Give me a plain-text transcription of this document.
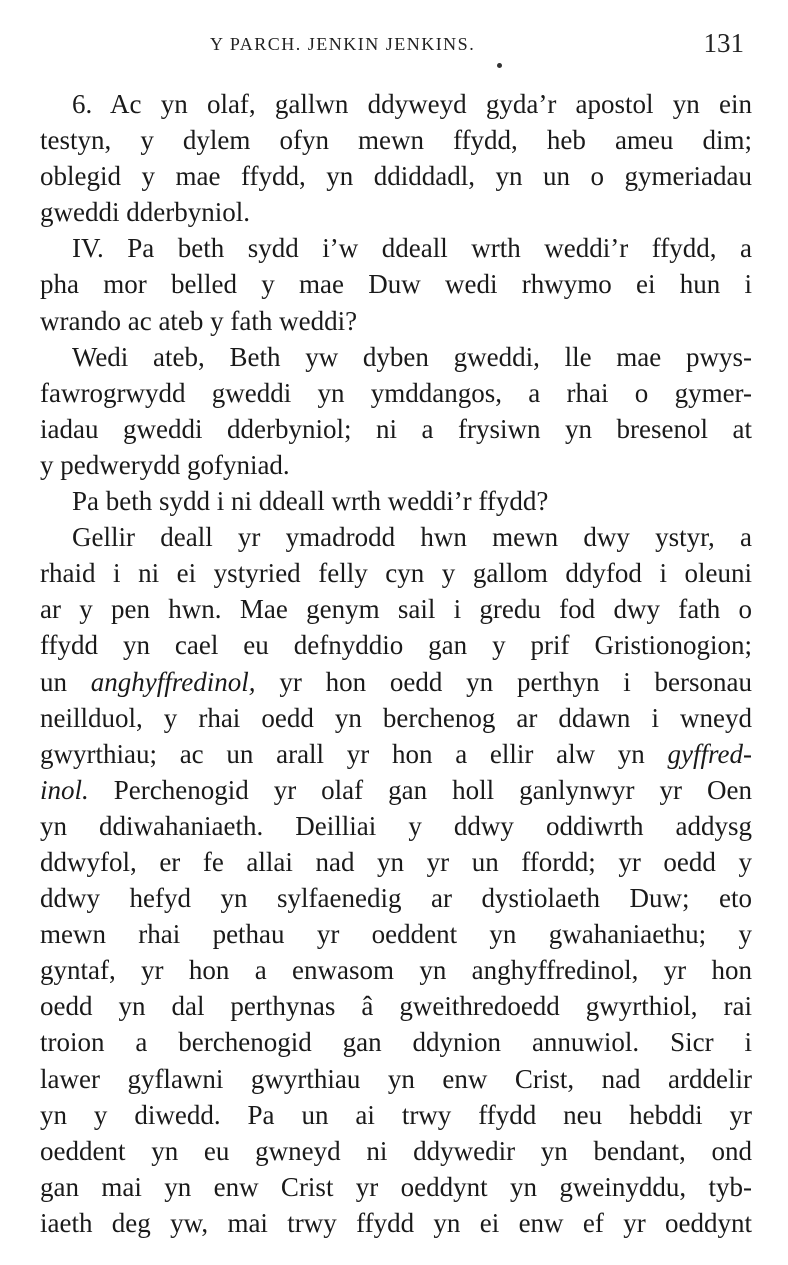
Y PARCH. JENKIN JENKINS.	131
6. Ac yn olaf, gallwn ddyweyd gyda’r apostol yn ein
testyn, y dylem ofyn mewn ffydd, heb ameu dim;
oblegid y mae ffydd, yn ddiddadl, yn un o gymeriadau
gweddi dderbyniol.
IV. Pa beth sydd i’w ddeall wrth weddi’r ffydd, a
pha mor belled y mae Duw wedi rhwymo ei hun i
wrando ac ateb y fath weddi?
Wedi ateb, Beth yw dyben gweddi, lle mae pwys-
fawrogrwydd gweddi yn ymddangos, a rhai o gymer-
iadau gweddi dderbyniol; ni a frysiwn yn bresenol at
y pedwerydd gofyniad.
Pa beth sydd i ni ddeall wrth weddi’r ffydd?
Gellir deall yr ymadrodd hwn mewn dwy ystyr, a
rhaid i ni ei ystyried felly cyn y gallom ddyfod i oleuni
ar y pen hwn. Mae genym sail i gredu fod dwy fath o
ffydd yn cael eu defnyddio gan y prif Gristionogion;
un anghyffredinol, yr hon oedd yn perthyn i bersonau
neillduol, y rhai oedd yn berchenog ar ddawn i wneyd
gwyrthiau; ac un arall yr hon a ellir alw yn gyffred-
inol. Perchenogid yr olaf gan holl ganlynwyr yr Oen
yn ddiwahaniaeth. Deilliai y ddwy oddiwrth addysg
ddwyfol, er fe allai nad yn yr un ffordd; yr oedd y
ddwy hefyd yn sylfaenedig ar dystiolaeth Duw; eto
mewn rhai pethau yr oeddent yn gwahaniaethu; y
gyntaf, yr hon a enwasom yn anghyffredinol, yr hon
oedd yn dal perthynas â gweithredoedd gwyrthiol, rai
troion a berchenogid gan ddynion annuwiol. Sicr i
lawer gyflawni gwyrthiau yn enw Crist, nad arddelir
yn y diwedd. Pa un ai trwy ffydd neu hebddi yr
oeddent yn eu gwneyd ni ddywedir yn bendant, ond
gan mai yn enw Crist yr oeddynt yn gweinyddu, tyb-
iaeth deg yw, mai trwy ffydd yn ei enw ef yr oeddynt
